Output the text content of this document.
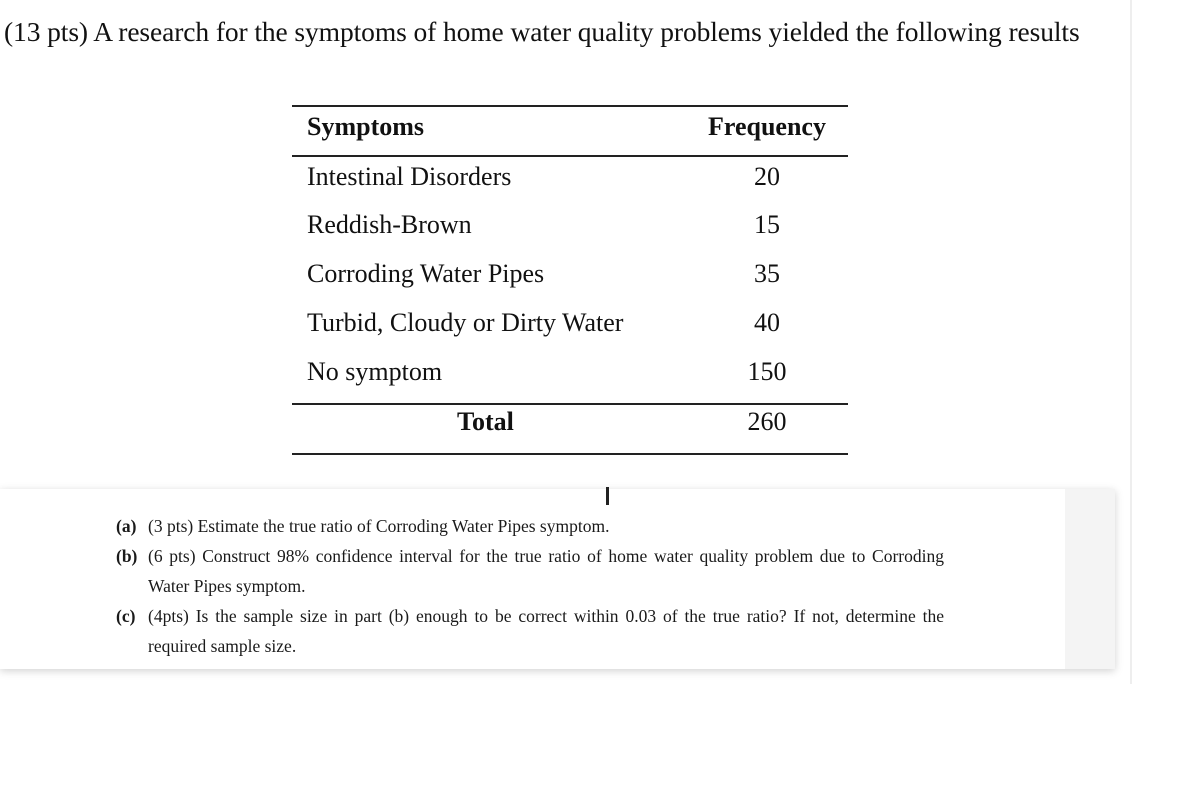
(13 pts) A research for the symptoms of home water quality problems yielded the following results
Symptoms	Frequency
Intestinal Disorders	20
Reddish-Brown	15
Corroding Water Pipes	35
Turbid, Cloudy or Dirty Water	40
No symptom	150
Total	260
(a) (3 pts) Estimate the true ratio of Corroding Water Pipes symptom.
(b) (6 pts) Construct 98% confidence interval for the true ratio of home water quality problem due to Corroding Water Pipes symptom.
(c) (4pts) Is the sample size in part (b) enough to be correct within 0.03 of the true ratio? If not, determine the required sample size.
